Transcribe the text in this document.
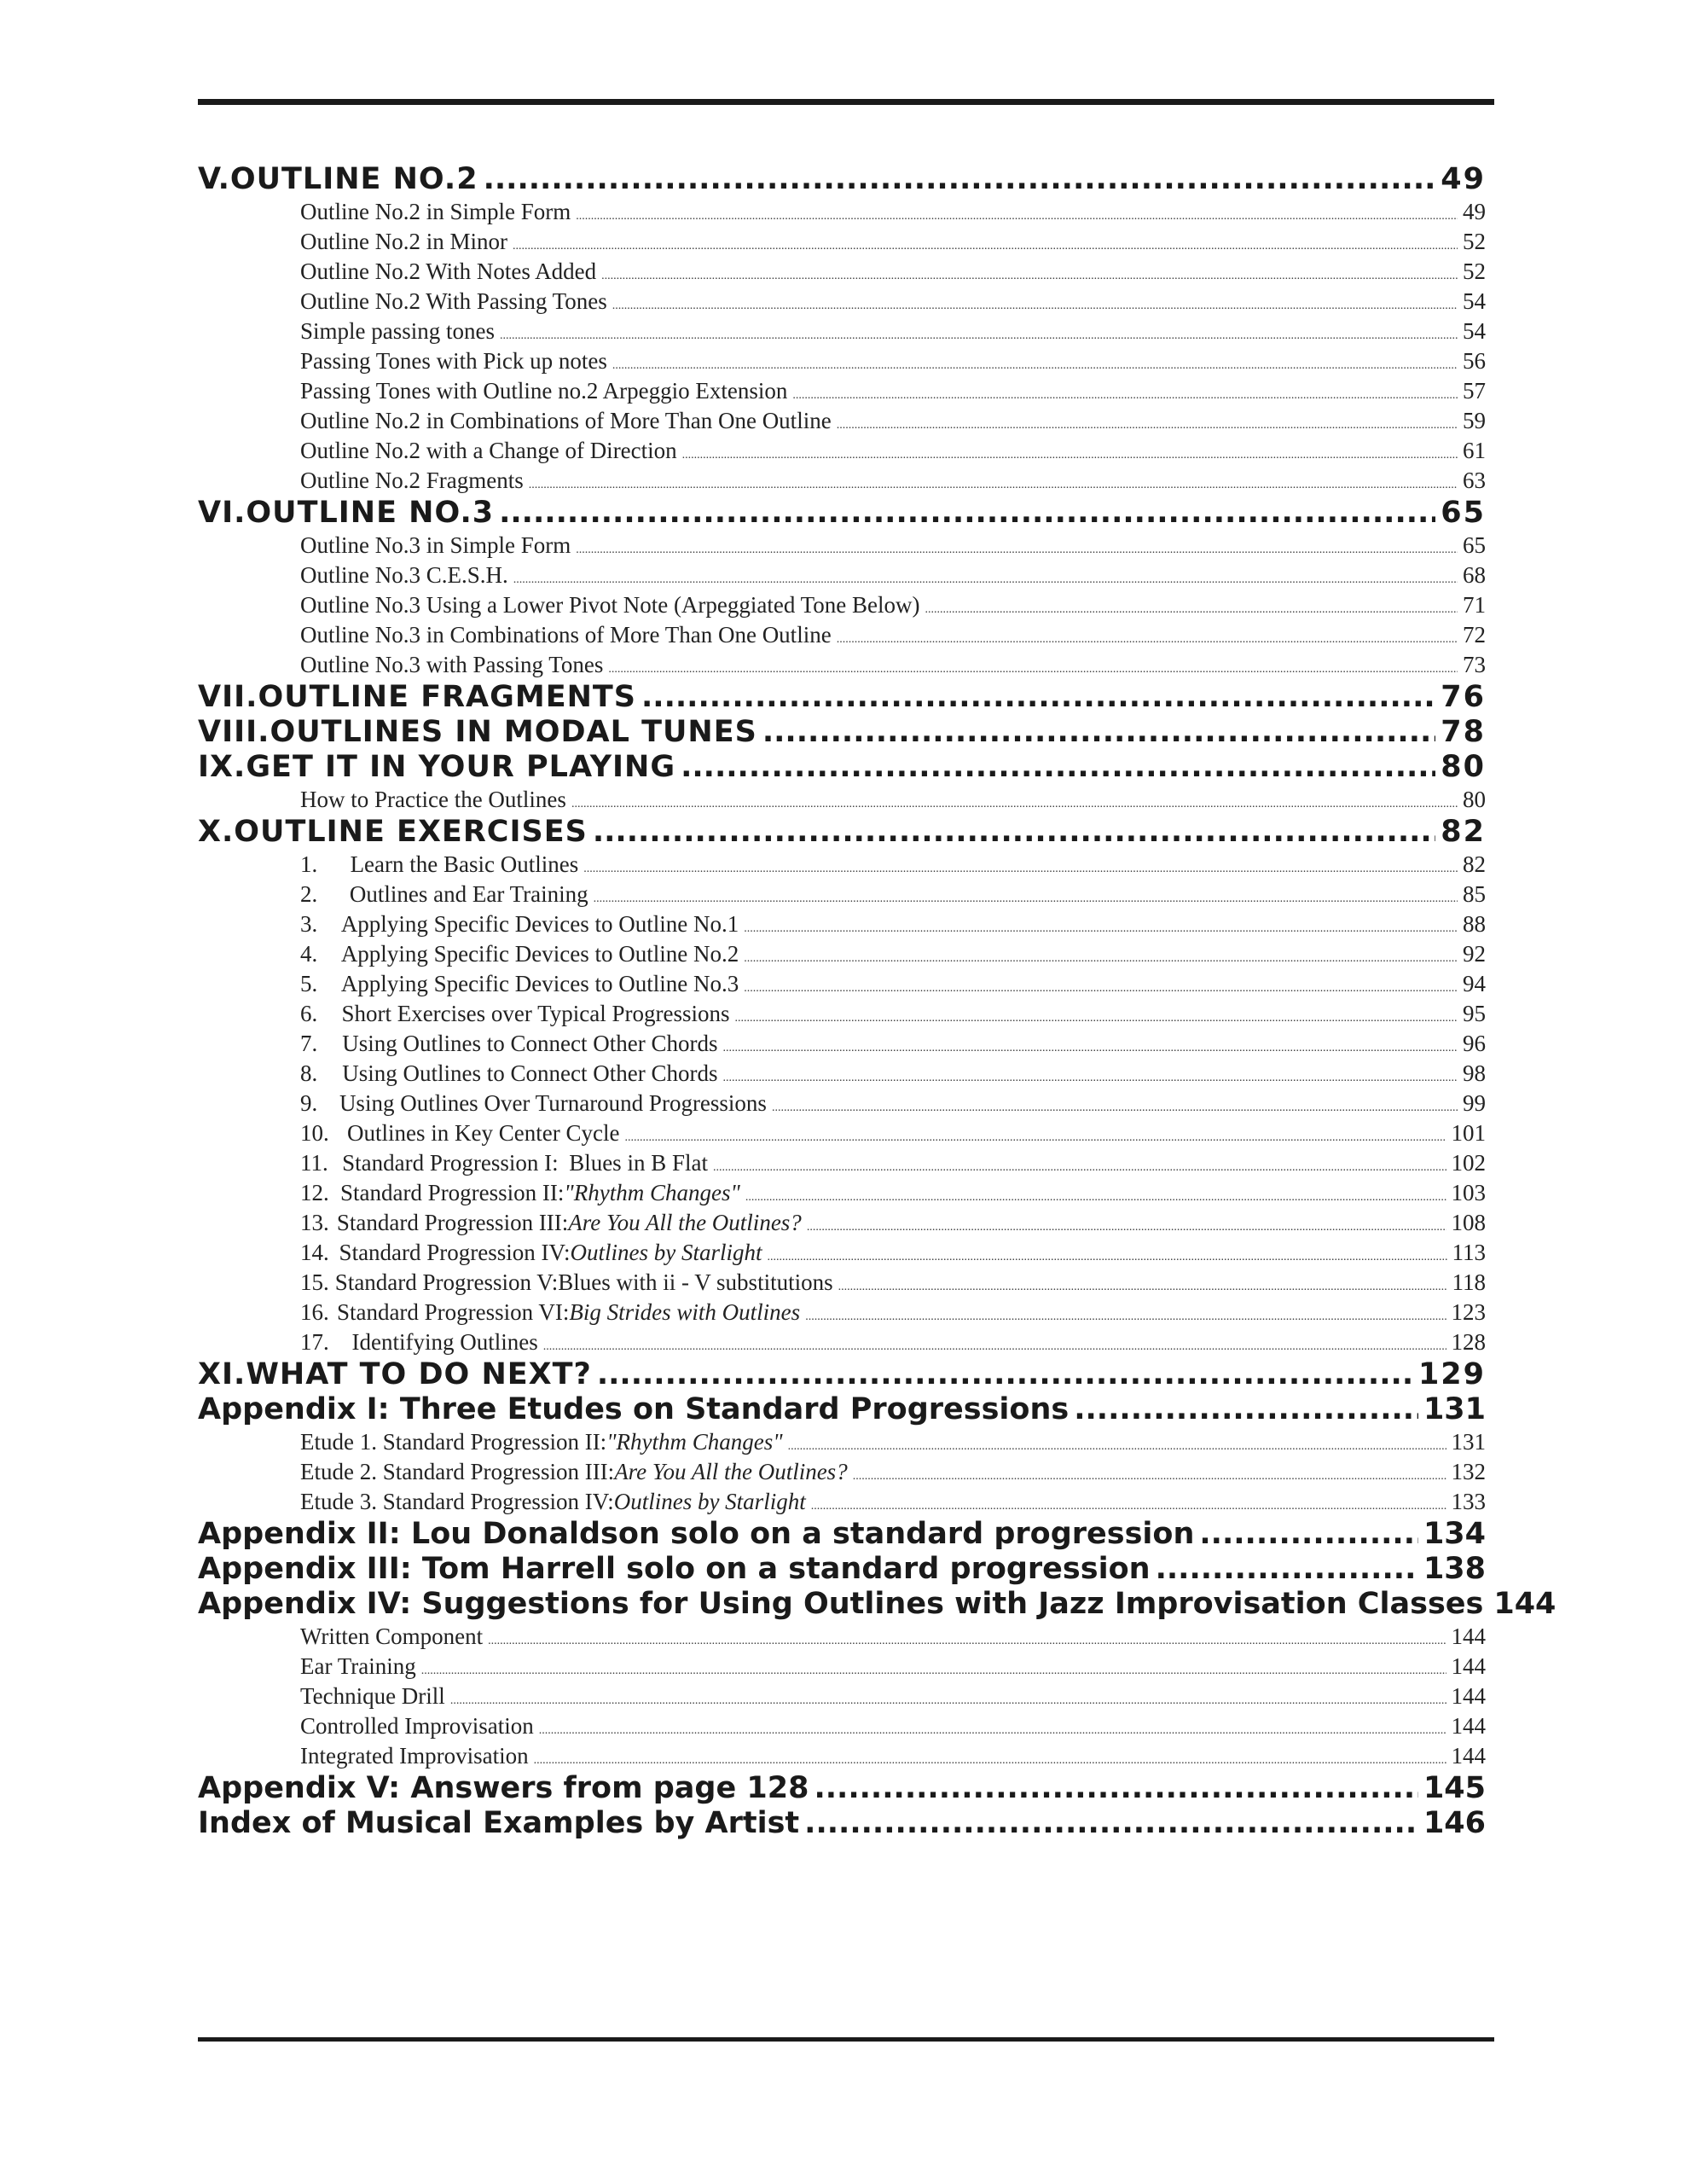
V. OUTLINE NO.2 .....	49
Outline No.2 in Simple Form .....	49
Outline No.2 in Minor .....	52
Outline No.2 With Notes Added .....	52
Outline No.2 With Passing Tones .....	54
Simple passing tones .....	54
Passing Tones with Pick up notes .....	56
Passing Tones with Outline no.2 Arpeggio Extension .....	57
Outline No.2 in Combinations of More Than One Outline .....	59
Outline No.2 with a Change of Direction .....	61
Outline No.2 Fragments .....	63
VI. OUTLINE NO.3 .....	65
Outline No.3 in Simple Form .....	65
Outline No.3 C.E.S.H. .....	68
Outline No.3 Using a Lower Pivot Note (Arpeggiated Tone Below) .....	71
Outline No.3 in Combinations of More Than One Outline .....	72
Outline No.3 with Passing Tones .....	73
VII. OUTLINE FRAGMENTS .....	76
VIII. OUTLINES IN MODAL TUNES .....	78
IX. GET IT IN YOUR PLAYING .....	80
How to Practice the Outlines .....	80
X. OUTLINE EXERCISES .....	82
1.	Learn the Basic Outlines .....	82
2.	Outlines and Ear Training .....	85
3.	Applying Specific Devices to Outline No.1 .....	88
4.	Applying Specific Devices to Outline No.2 .....	92
5.	Applying Specific Devices to Outline No.3 .....	94
6.	Short Exercises over Typical Progressions .....	95
7.	Using Outlines to Connect Other Chords .....	96
8.	Using Outlines to Connect Other Chords .....	98
9. Using Outlines Over Turnaround Progressions .....	99
10. Outlines in Key Center Cycle .....	101
11. Standard Progression I: Blues in B Flat .....	102
12. Standard Progression II: "Rhythm Changes" .....	103
13. Standard Progression III: Are You All the Outlines? .....	108
14. Standard Progression IV: Outlines by Starlight .....	113
15. Standard Progression V: Blues with ii - V substitutions .....	118
16. Standard Progression VI: Big Strides with Outlines .....	123
17. Identifying Outlines .....	128
XI. WHAT TO DO NEXT? .....	129
Appendix I: Three Etudes on Standard Progressions .....	131
Etude 1. Standard Progression II: "Rhythm Changes" .....	131
Etude 2. Standard Progression III: Are You All the Outlines? .....	132
Etude 3. Standard Progression IV: Outlines by Starlight .....	133
Appendix II: Lou Donaldson solo on a standard progression .....	134
Appendix III: Tom Harrell solo on a standard progression .....	138
Appendix IV: Suggestions for Using Outlines with Jazz Improvisation Classes 144
Written Component .....	144
Ear Training .....	144
Technique Drill .....	144
Controlled Improvisation .....	144
Integrated Improvisation .....	144
Appendix V: Answers from page 128 .....	145
Index of Musical Examples by Artist .....	146
